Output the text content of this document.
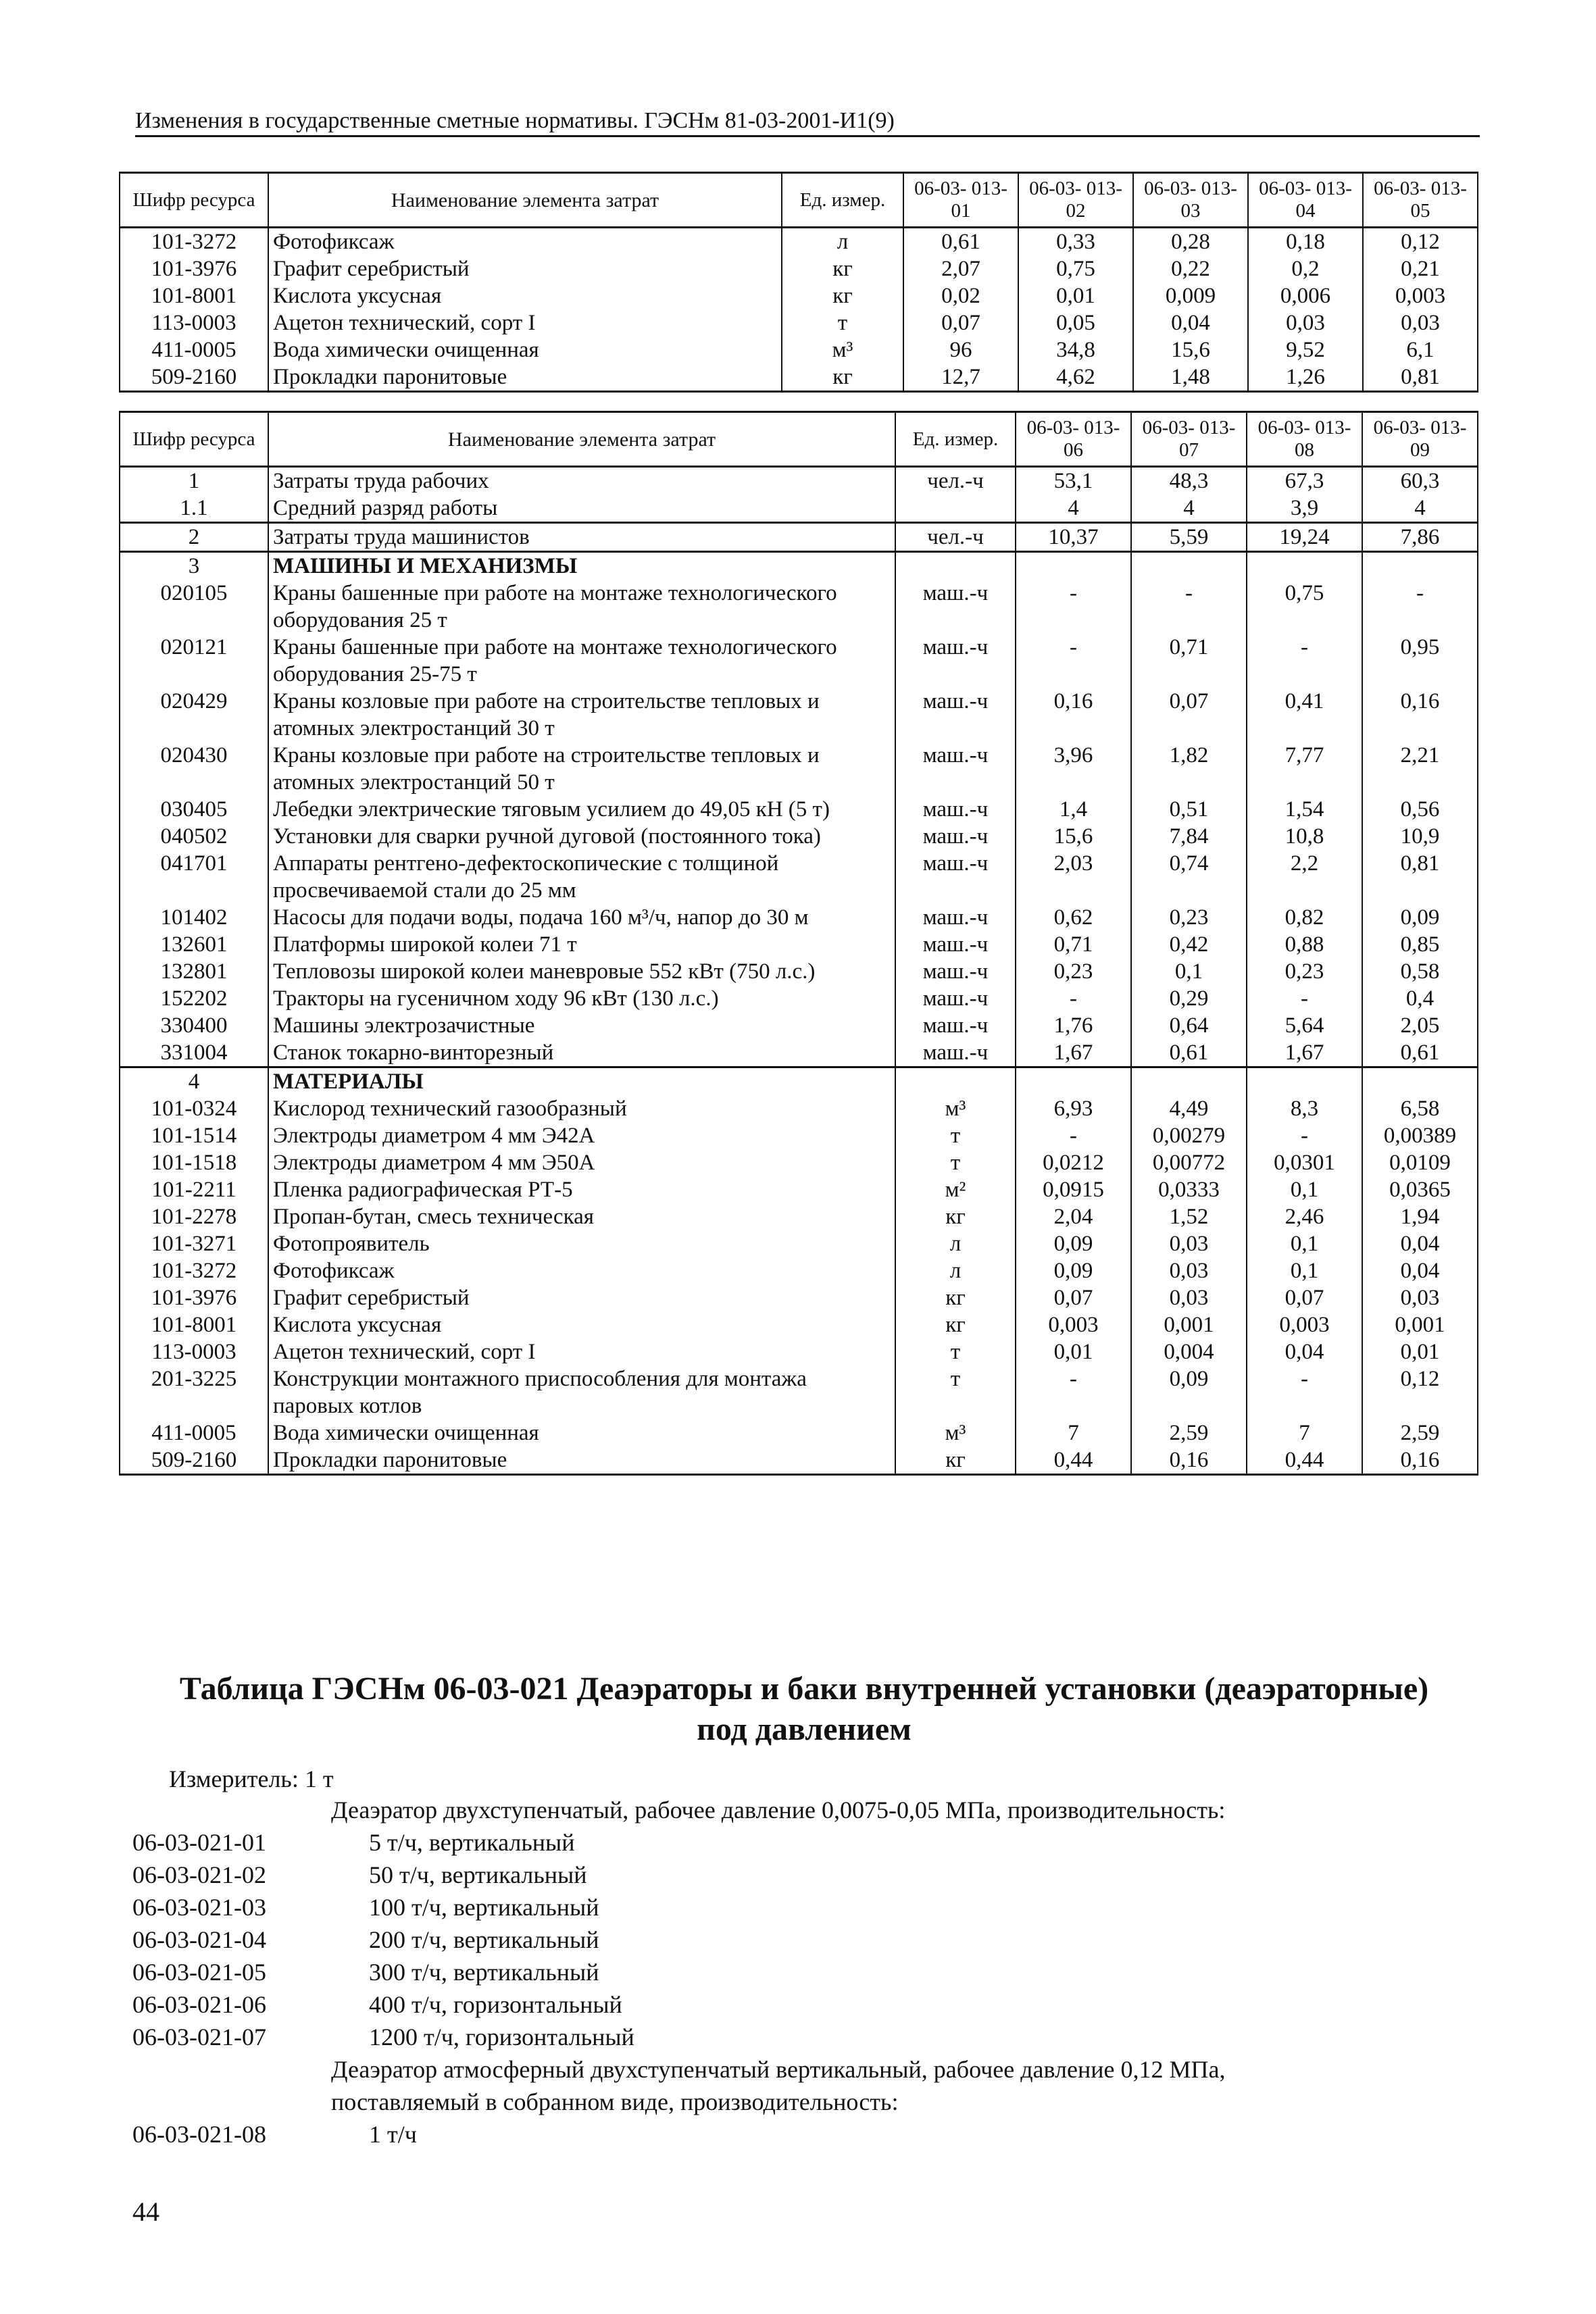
Изменения в государственные сметные нормативы. ГЭСНм 81-03-2001-И1(9)
Шифр ресурса	Наименование элемента затрат	Ед. измер.	06-03- 013-01	06-03- 013-02	06-03- 013-03	06-03- 013-04	06-03- 013-05
101-3272	Фотофиксаж	л	0,61	0,33	0,28	0,18	0,12
101-3976	Графит серебристый	кг	2,07	0,75	0,22	0,2	0,21
101-8001	Кислота уксусная	кг	0,02	0,01	0,009	0,006	0,003
113-0003	Ацетон технический, сорт I	т	0,07	0,05	0,04	0,03	0,03
411-0005	Вода химически очищенная	м³	96	34,8	15,6	9,52	6,1
509-2160	Прокладки паронитовые	кг	12,7	4,62	1,48	1,26	0,81
Шифр ресурса	Наименование элемента затрат	Ед. измер.	06-03- 013-06	06-03- 013-07	06-03- 013-08	06-03- 013-09
1	Затраты труда рабочих	чел.-ч	53,1	48,3	67,3	60,3
1.1	Средний разряд работы		4	4	3,9	4
2	Затраты труда машинистов	чел.-ч	10,37	5,59	19,24	7,86
3	МАШИНЫ И МЕХАНИЗМЫ					
020105	Краны башенные при работе на монтаже технологического оборудования 25 т	маш.-ч	-	-	0,75	-
020121	Краны башенные при работе на монтаже технологического оборудования 25-75 т	маш.-ч	-	0,71	-	0,95
020429	Краны козловые при работе на строительстве тепловых и атомных электростанций 30 т	маш.-ч	0,16	0,07	0,41	0,16
020430	Краны козловые при работе на строительстве тепловых и атомных электростанций 50 т	маш.-ч	3,96	1,82	7,77	2,21
030405	Лебедки электрические тяговым усилием до 49,05 кН (5 т)	маш.-ч	1,4	0,51	1,54	0,56
040502	Установки для сварки ручной дуговой (постоянного тока)	маш.-ч	15,6	7,84	10,8	10,9
041701	Аппараты рентгено-дефектоскопические с толщиной просвечиваемой стали до 25 мм	маш.-ч	2,03	0,74	2,2	0,81
101402	Насосы для подачи воды, подача 160 м³/ч, напор до 30 м	маш.-ч	0,62	0,23	0,82	0,09
132601	Платформы широкой колеи 71 т	маш.-ч	0,71	0,42	0,88	0,85
132801	Тепловозы широкой колеи маневровые 552 кВт (750 л.с.)	маш.-ч	0,23	0,1	0,23	0,58
152202	Тракторы на гусеничном ходу 96 кВт (130 л.с.)	маш.-ч	-	0,29	-	0,4
330400	Машины электрозачистные	маш.-ч	1,76	0,64	5,64	2,05
331004	Станок токарно-винторезный	маш.-ч	1,67	0,61	1,67	0,61
4	МАТЕРИАЛЫ					
101-0324	Кислород технический газообразный	м³	6,93	4,49	8,3	6,58
101-1514	Электроды диаметром 4 мм Э42А	т	-	0,00279	-	0,00389
101-1518	Электроды диаметром 4 мм Э50А	т	0,0212	0,00772	0,0301	0,0109
101-2211	Пленка радиографическая РТ-5	м²	0,0915	0,0333	0,1	0,0365
101-2278	Пропан-бутан, смесь техническая	кг	2,04	1,52	2,46	1,94
101-3271	Фотопроявитель	л	0,09	0,03	0,1	0,04
101-3272	Фотофиксаж	л	0,09	0,03	0,1	0,04
101-3976	Графит серебристый	кг	0,07	0,03	0,07	0,03
101-8001	Кислота уксусная	кг	0,003	0,001	0,003	0,001
113-0003	Ацетон технический, сорт I	т	0,01	0,004	0,04	0,01
201-3225	Конструкции монтажного приспособления для монтажа паровых котлов	т	-	0,09	-	0,12
411-0005	Вода химически очищенная	м³	7	2,59	7	2,59
509-2160	Прокладки паронитовые	кг	0,44	0,16	0,44	0,16
Таблица ГЭСНм 06-03-021 Деаэраторы и баки внутренней установки (деаэраторные)
под давлением
Измеритель: 1 т
Деаэратор двухступенчатый, рабочее давление 0,0075-0,05 МПа, производительность:
06-03-021-01	5 т/ч, вертикальный
06-03-021-02	50 т/ч, вертикальный
06-03-021-03	100 т/ч, вертикальный
06-03-021-04	200 т/ч, вертикальный
06-03-021-05	300 т/ч, вертикальный
06-03-021-06	400 т/ч, горизонтальный
06-03-021-07	1200 т/ч, горизонтальный
Деаэратор атмосферный двухступенчатый вертикальный, рабочее давление 0,12 МПа,
поставляемый в собранном виде, производительность:
06-03-021-08	1 т/ч
44
